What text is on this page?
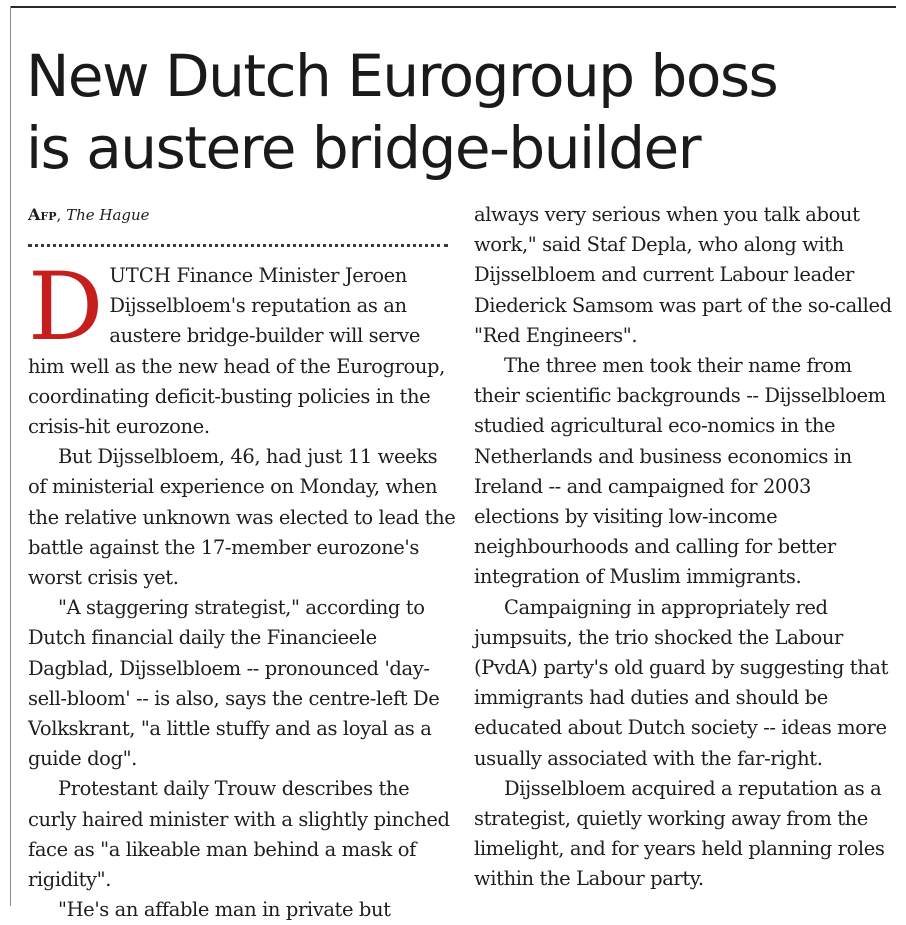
New Dutch Eurogroup boss
is austere bridge-builder
Afp, The Hague

DUTCH Finance Minister Jeroen Dijsselbloem's reputation as an austere bridge-builder will serve him well as the new head of the Eurogroup, coordinating deficit-busting policies in the crisis-hit eurozone.

But Dijsselbloem, 46, had just 11 weeks of ministerial experience on Monday, when the relative unknown was elected to lead the battle against the 17-member eurozone's worst crisis yet.

"A staggering strategist," according to Dutch financial daily the Financieele Dagblad, Dijsselbloem -- pronounced 'day-sell-bloom' -- is also, says the centre-left De Volkskrant, "a little stuffy and as loyal as a guide dog".

Protestant daily Trouw describes the curly haired minister with a slightly pinched face as "a likeable man behind a mask of rigidity".

"He's an affable man in private but

always very serious when you talk about work," said Staf Depla, who along with Dijsselbloem and current Labour leader Diederick Samsom was part of the so-called "Red Engineers".

The three men took their name from their scientific backgrounds -- Dijsselbloem studied agricultural eco-nomics in the Netherlands and business economics in Ireland -- and campaigned for 2003 elections by visiting low-income neighbourhoods and calling for better integration of Muslim immigrants.

Campaigning in appropriately red jumpsuits, the trio shocked the Labour (PvdA) party's old guard by suggesting that immigrants had duties and should be educated about Dutch society -- ideas more usually associated with the far-right.

Dijsselbloem acquired a reputation as a strategist, quietly working away from the limelight, and for years held planning roles within the Labour party.
